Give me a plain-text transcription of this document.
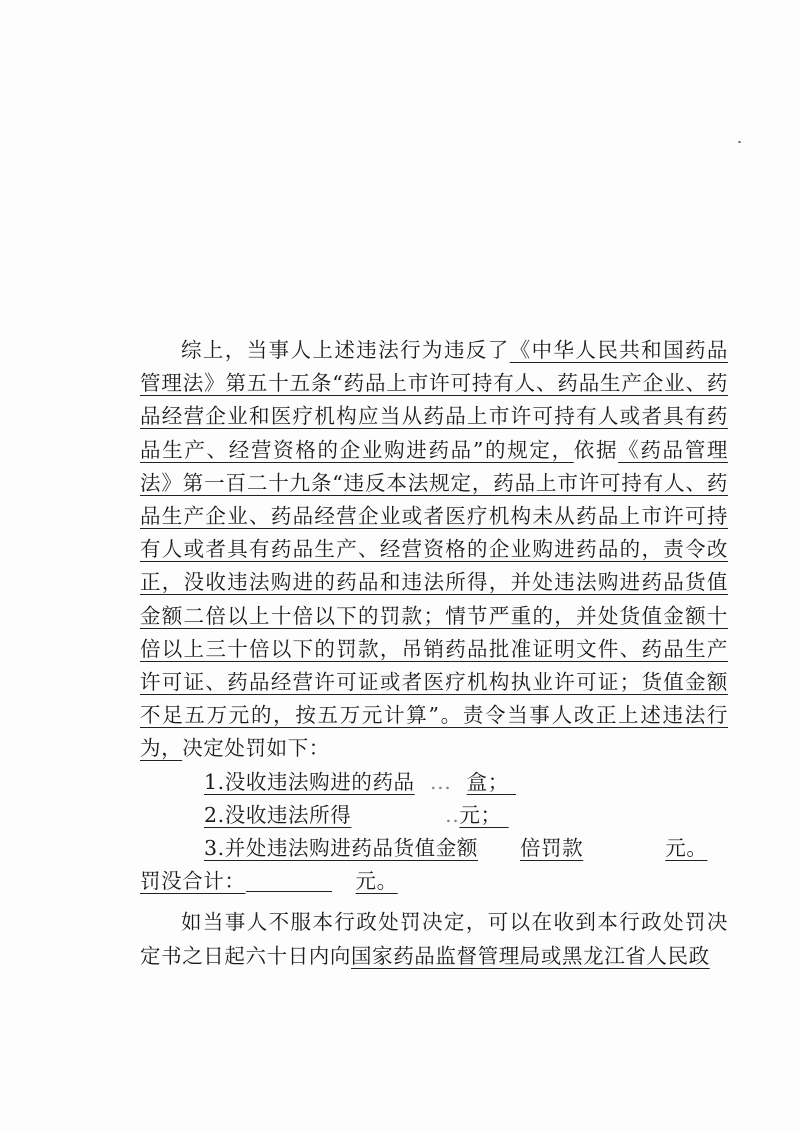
综上，当事人上述违法行为违反了《中华人民共和国药品管理法》第五十五条“药品上市许可持有人、药品生产企业、药品经营企业和医疗机构应当从药品上市许可持有人或者具有药品生产、经营资格的企业购进药品”的规定，依据《药品管理法》第一百二十九条“违反本法规定，药品上市许可持有人、药品生产企业、药品经营企业或者医疗机构未从药品上市许可持有人或者具有药品生产、经营资格的企业购进药品的，责令改正，没收违法购进的药品和违法所得，并处违法购进药品货值金额二倍以上十倍以下的罚款；情节严重的，并处货值金额十倍以上三十倍以下的罚款，吊销药品批准证明文件、药品生产许可证、药品经营许可证或者医疗机构执业许可证；货值金额不足五万元的，按五万元计算”。责令当事人改正上述违法行为，决定处罚如下：

1.没收违法购进的药品 ... 盒；

2.没收违法所得	..元；

3.并处违法购进药品货值金额 倍罚款	元。

罚没合计：	元。

如当事人不服本行政处罚决定，可以在收到本行政处罚决定书之日起六十日内向国家药品监督管理局或黑龙江省人民政
